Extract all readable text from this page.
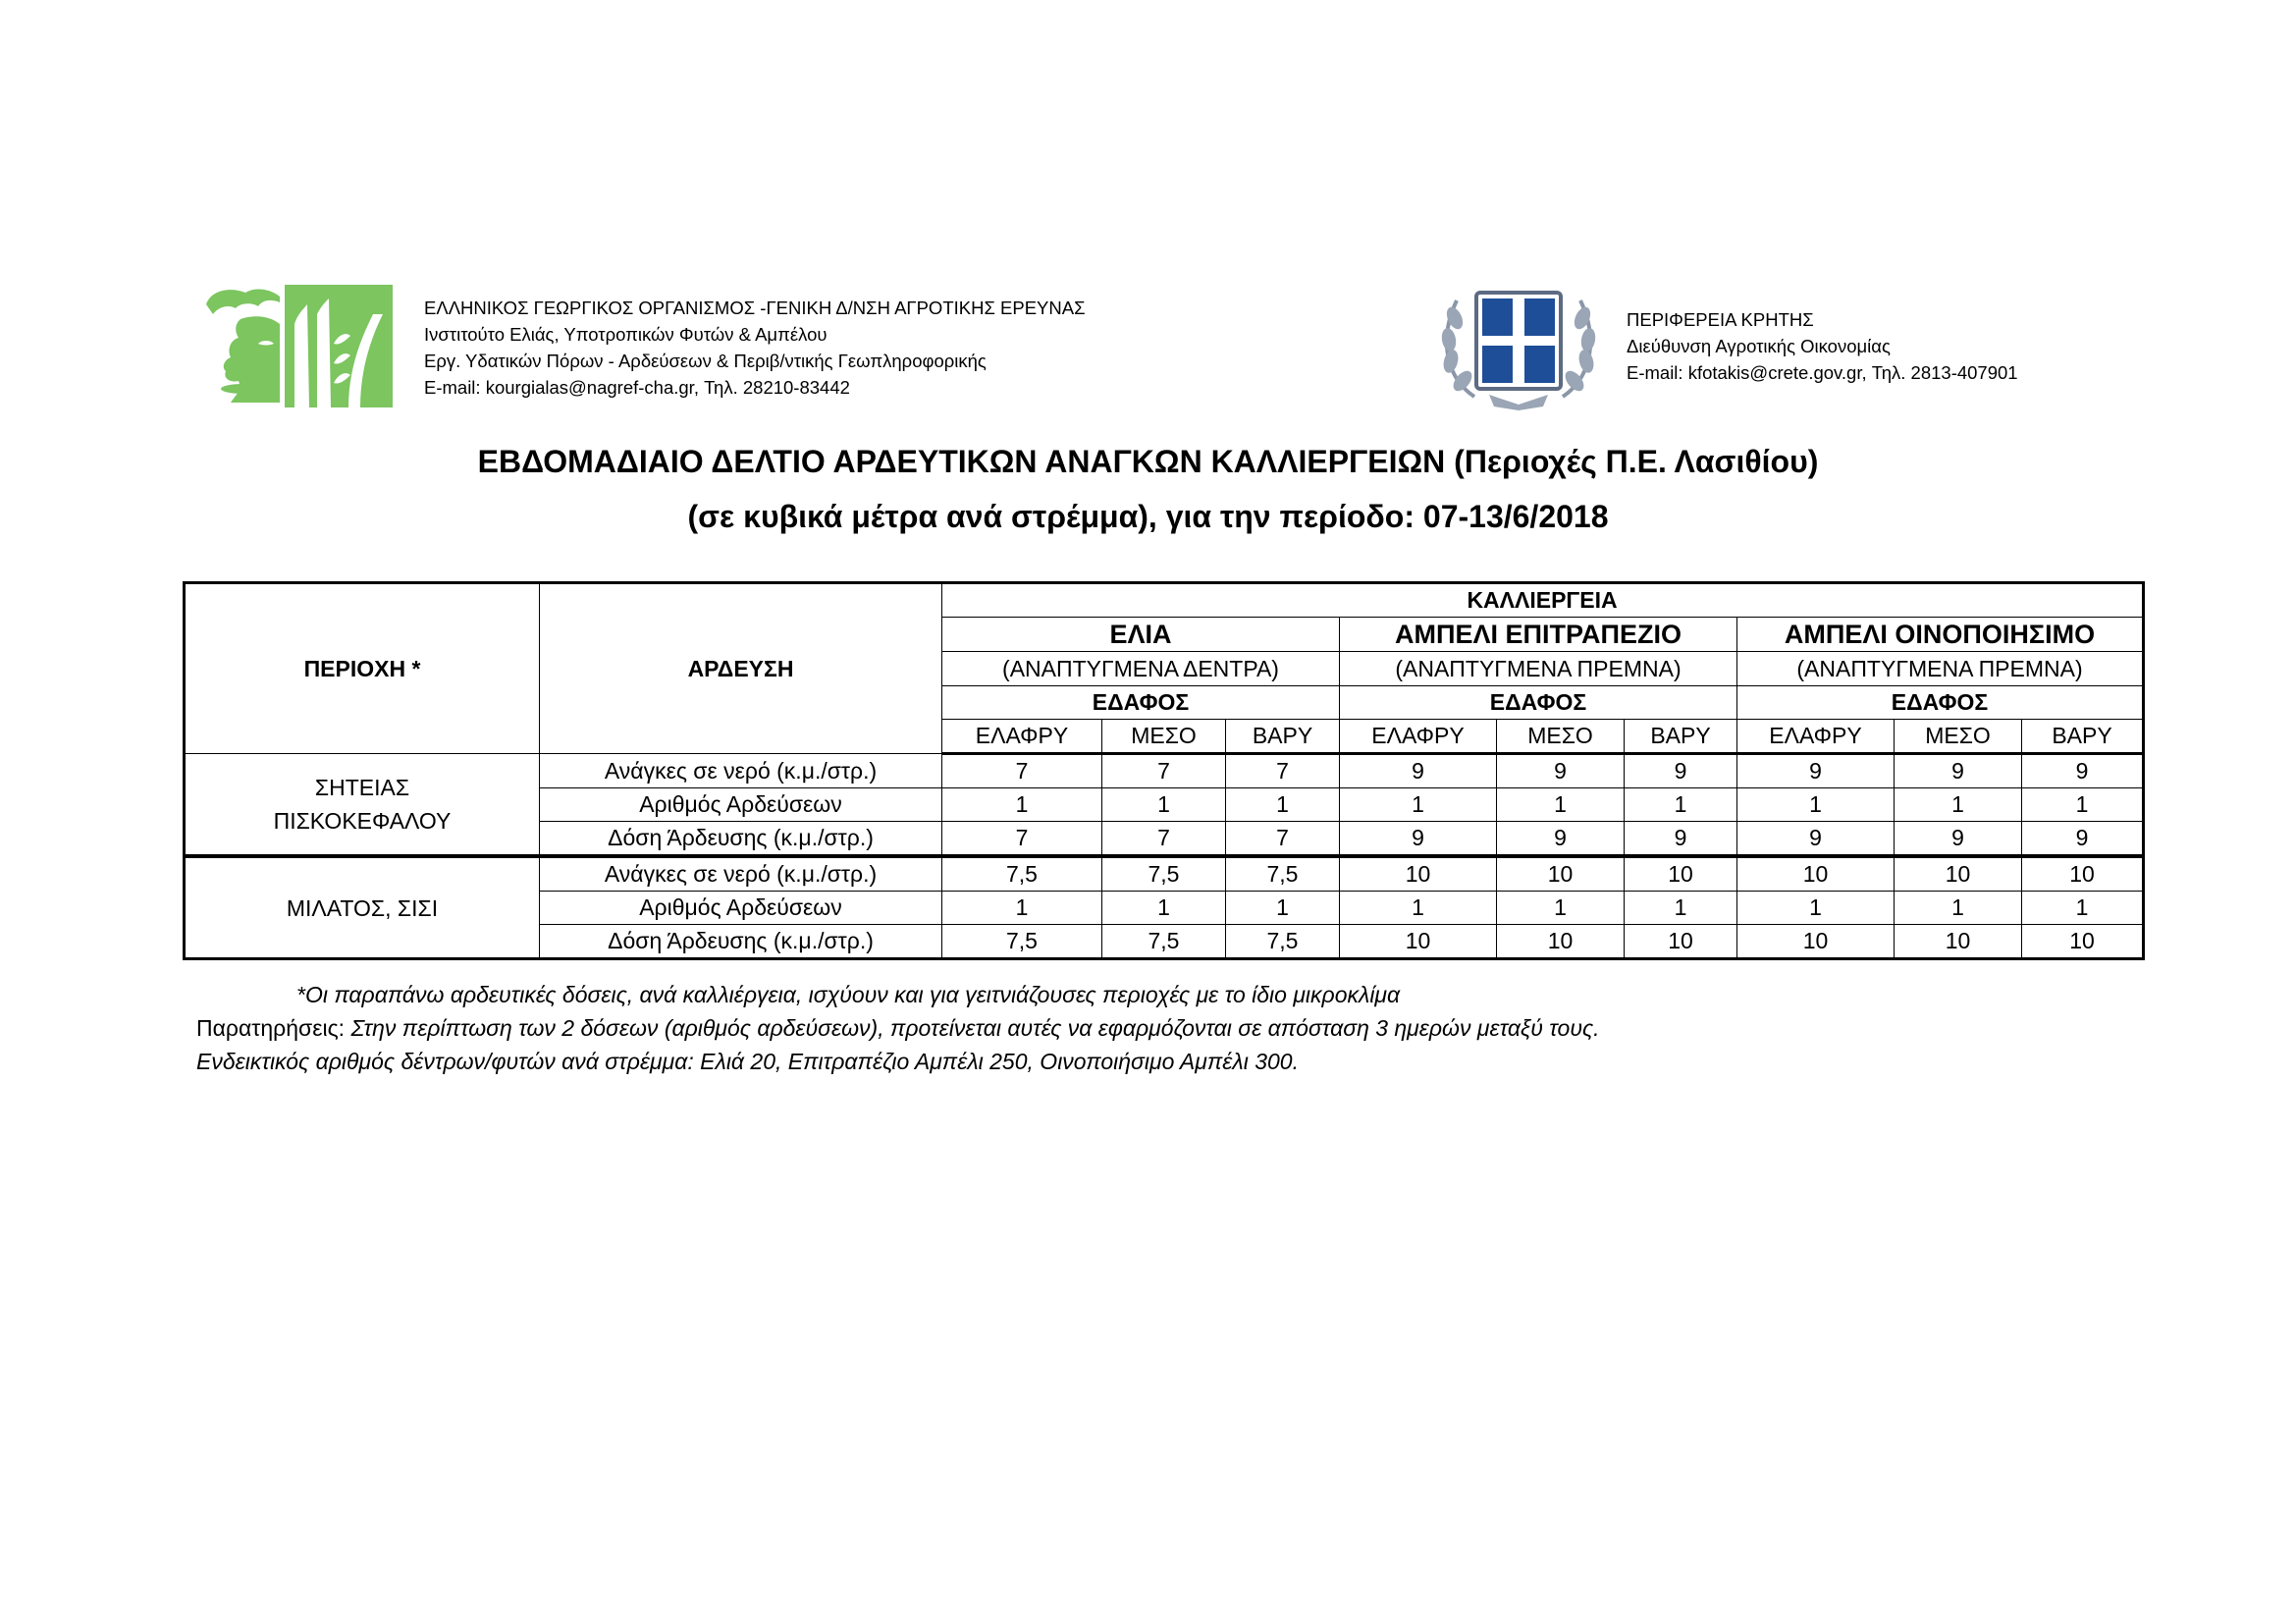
ΕΛΛΗΝΙΚΟΣ ΓΕΩΡΓΙΚΟΣ ΟΡΓΑΝΙΣΜΟΣ -ΓΕΝΙΚΗ Δ/ΝΣΗ ΑΓΡΟΤΙΚΗΣ ΕΡΕΥΝΑΣ
Ινστιτούτο Ελιάς, Υποτροπικών Φυτών & Αμπέλου
Εργ. Υδατικών Πόρων - Αρδεύσεων & Περιβ/ντικής Γεωπληροφορικής
E-mail: kourgialas@nagref-cha.gr, Τηλ. 28210-83442
ΠΕΡΙΦΕΡΕΙΑ ΚΡΗΤΗΣ
Διεύθυνση Αγροτικής Οικονομίας
E-mail: kfotakis@crete.gov.gr, Τηλ. 2813-407901
ΕΒΔΟΜΑΔΙΑΙΟ ΔΕΛΤΙΟ ΑΡΔΕΥΤΙΚΩΝ ΑΝΑΓΚΩΝ ΚΑΛΛΙΕΡΓΕΙΩΝ (Περιοχές Π.Ε. Λασιθίου)
(σε κυβικά μέτρα ανά στρέμμα), για την περίοδο: 07-13/6/2018
ΠΕΡΙΟΧΗ *	ΑΡΔΕΥΣΗ	ΚΑΛΛΙΕΡΓΕΙΑ								
		ΕΛΙΑ			ΑΜΠΕΛΙ ΕΠΙΤΡΑΠΕΖΙΟ			ΑΜΠΕΛΙ ΟΙΝΟΠΟΙΗΣΙΜΟ		
		(ΑΝΑΠΤΥΓΜΕΝΑ ΔΕΝΤΡΑ)			(ΑΝΑΠΤΥΓΜΕΝΑ ΠΡΕΜΝΑ)			(ΑΝΑΠΤΥΓΜΕΝΑ ΠΡΕΜΝΑ)		
		ΕΔΑΦΟΣ			ΕΔΑΦΟΣ			ΕΔΑΦΟΣ		
		ΕΛΑΦΡΥ	ΜΕΣΟ	ΒΑΡΥ	ΕΛΑΦΡΥ	ΜΕΣΟ	ΒΑΡΥ	ΕΛΑΦΡΥ	ΜΕΣΟ	ΒΑΡΥ

ΣΗΤΕΙΑΣ
ΠΙΣΚΟΚΕΦΑΛΟΥ	Ανάγκες σε νερό (κ.μ./στρ.)	7	7	7	9	9	9	9	9	9
	Αριθμός Αρδεύσεων	1	1	1	1	1	1	1	1	1
	Δόση Άρδευσης (κ.μ./στρ.)	7	7	7	9	9	9	9	9	9

ΜΙΛΑΤΟΣ, ΣΙΣΙ	Ανάγκες σε νερό (κ.μ./στρ.)	7,5	7,5	7,5	10	10	10	10	10	10
	Αριθμός Αρδεύσεων	1	1	1	1	1	1	1	1	1
	Δόση Άρδευσης (κ.μ./στρ.)	7,5	7,5	7,5	10	10	10	10	10	10
*Οι παραπάνω αρδευτικές δόσεις, ανά καλλιέργεια, ισχύουν και για γειτνιάζουσες περιοχές με το ίδιο μικροκλίμα
Παρατηρήσεις: Στην περίπτωση των 2 δόσεων (αριθμός αρδεύσεων), προτείνεται αυτές να εφαρμόζονται σε απόσταση 3 ημερών μεταξύ τους.
Ενδεικτικός αριθμός δέντρων/φυτών ανά στρέμμα: Ελιά 20, Επιτραπέζιο Αμπέλι 250, Οινοποιήσιμο Αμπέλι 300.
